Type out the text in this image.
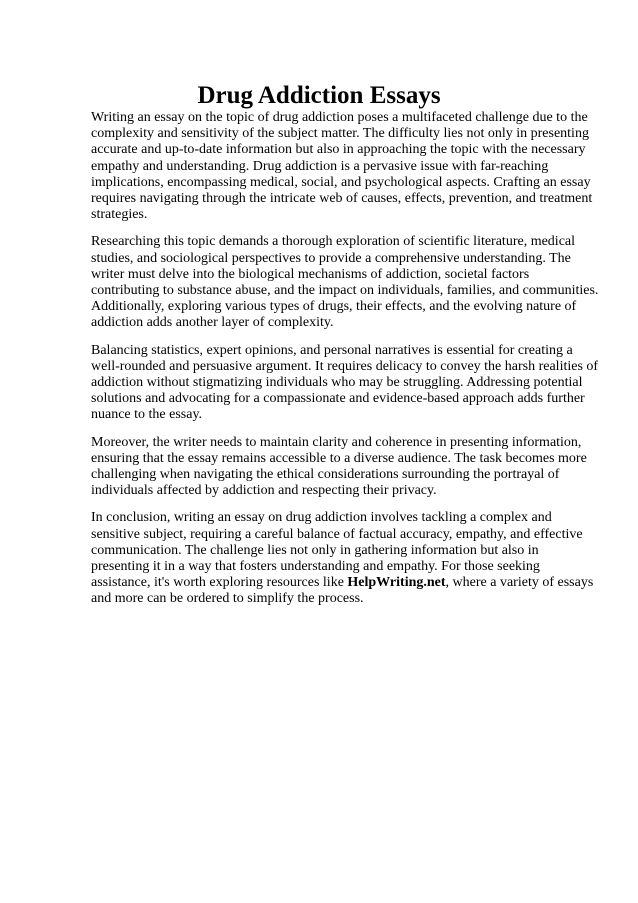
Drug Addiction Essays

Writing an essay on the topic of drug addiction poses a multifaceted challenge due to the complexity and sensitivity of the subject matter. The difficulty lies not only in presenting accurate and up-to-date information but also in approaching the topic with the necessary empathy and understanding. Drug addiction is a pervasive issue with far-reaching implications, encompassing medical, social, and psychological aspects. Crafting an essay requires navigating through the intricate web of causes, effects, prevention, and treatment strategies.

Researching this topic demands a thorough exploration of scientific literature, medical studies, and sociological perspectives to provide a comprehensive understanding. The writer must delve into the biological mechanisms of addiction, societal factors contributing to substance abuse, and the impact on individuals, families, and communities. Additionally, exploring various types of drugs, their effects, and the evolving nature of addiction adds another layer of complexity.

Balancing statistics, expert opinions, and personal narratives is essential for creating a well-rounded and persuasive argument. It requires delicacy to convey the harsh realities of addiction without stigmatizing individuals who may be struggling. Addressing potential solutions and advocating for a compassionate and evidence-based approach adds further nuance to the essay.

Moreover, the writer needs to maintain clarity and coherence in presenting information, ensuring that the essay remains accessible to a diverse audience. The task becomes more challenging when navigating the ethical considerations surrounding the portrayal of individuals affected by addiction and respecting their privacy.

In conclusion, writing an essay on drug addiction involves tackling a complex and sensitive subject, requiring a careful balance of factual accuracy, empathy, and effective communication. The challenge lies not only in gathering information but also in presenting it in a way that fosters understanding and empathy. For those seeking assistance, it's worth exploring resources like HelpWriting.net, where a variety of essays and more can be ordered to simplify the process.
